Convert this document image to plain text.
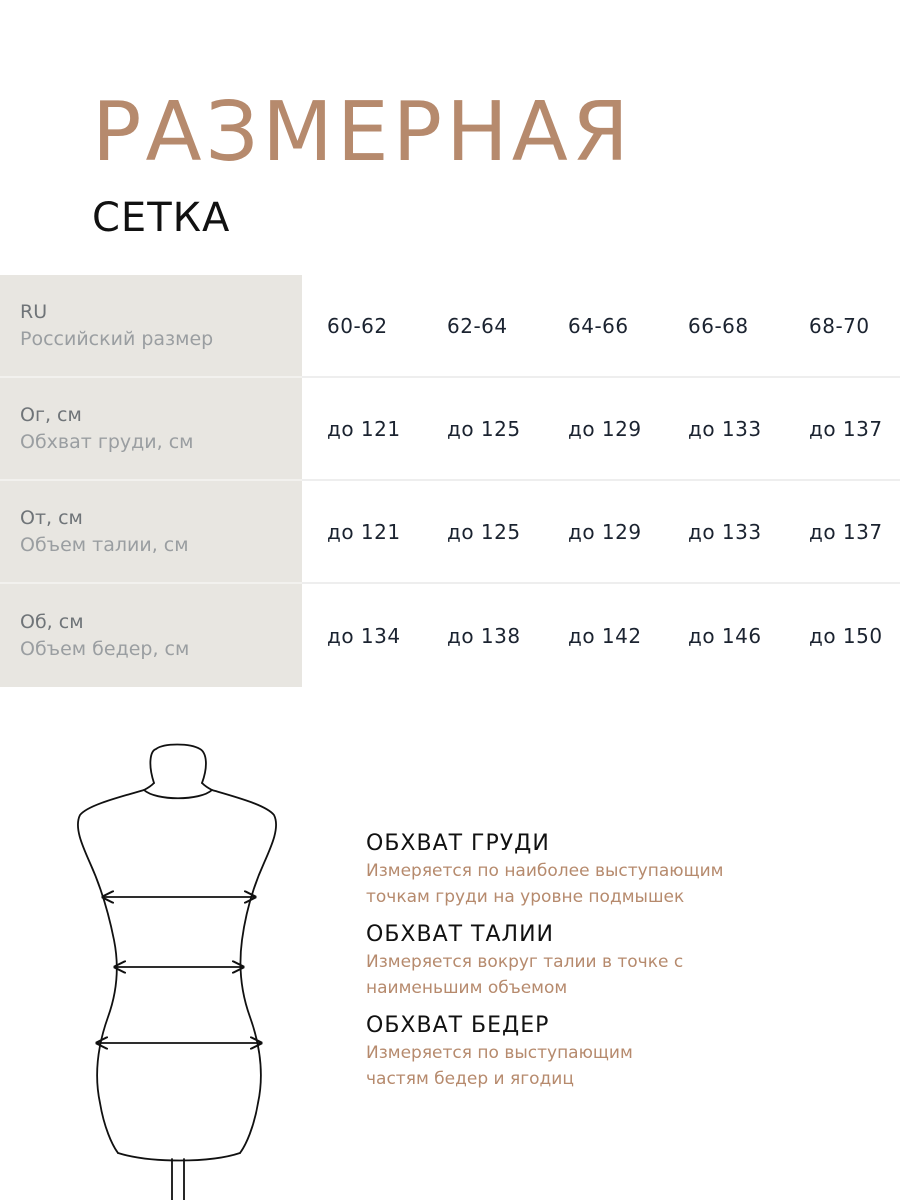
РАЗМЕРНАЯ
СЕТКА
RU
Российский размер
60-62	62-64	64-66	66-68	68-70
Ог, см
Обхват груди, см
до 121 до 125 до 129 до 133 до 137
От, см
Объем талии, см
до 121 до 125 до 129 до 133 до 137
Об, см
Объем бедер, см
до 134 до 138 до 142 до 146 до 150
ОБХВАТ ГРУДИ
Измеряется по наиболее выступающим
точкам груди на уровне подмышек
ОБХВАТ ТАЛИИ
Измеряется вокруг талии в точке с
наименьшим объемом
ОБХВАТ БЕДЕР
Измеряется по выступающим
частям бедер и ягодиц
